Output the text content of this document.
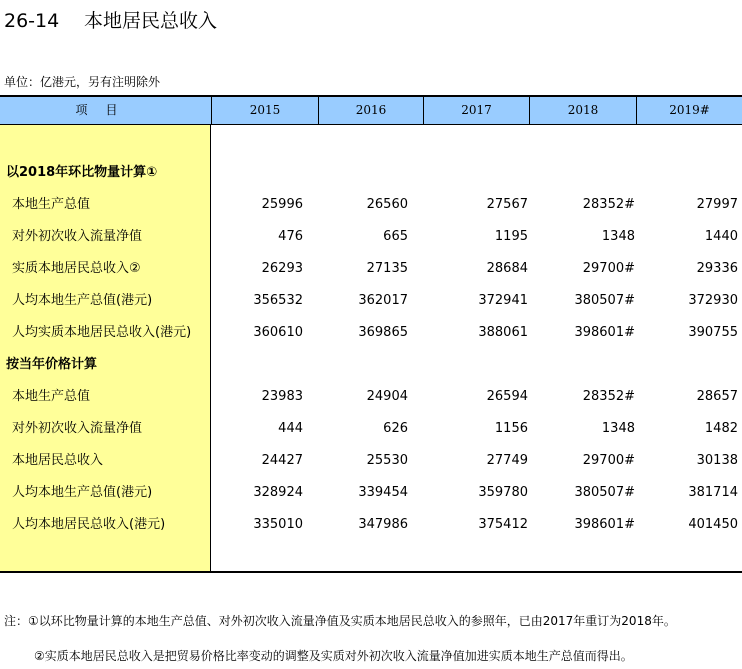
26-14 本地居民总收入
单位：亿港元，另有注明除外
项目	2015	2016	2017	2018	2019#
以2018年环比物量计算①
本地生产总值	25996	26560	27567	28352#	27997
对外初次收入流量净值	476	665	1195	1348	1440
实质本地居民总收入②	26293	27135	28684	29700#	29336
人均本地生产总值(港元)	356532	362017	372941	380507#	372930
人均实质本地居民总收入(港元)	360610	369865	388061	398601#	390755
按当年价格计算
本地生产总值	23983	24904	26594	28352#	28657
对外初次收入流量净值	444	626	1156	1348	1482
本地居民总收入	24427	25530	27749	29700#	30138
人均本地生产总值(港元)	328924	339454	359780	380507#	381714
人均本地居民总收入(港元)	335010	347986	375412	398601#	401450
注：①以环比物量计算的本地生产总值、对外初次收入流量净值及实质本地居民总收入的参照年，已由2017年重订为2018年。
②实质本地居民总收入是把贸易价格比率变动的调整及实质对外初次收入流量净值加进实质本地生产总值而得出。
